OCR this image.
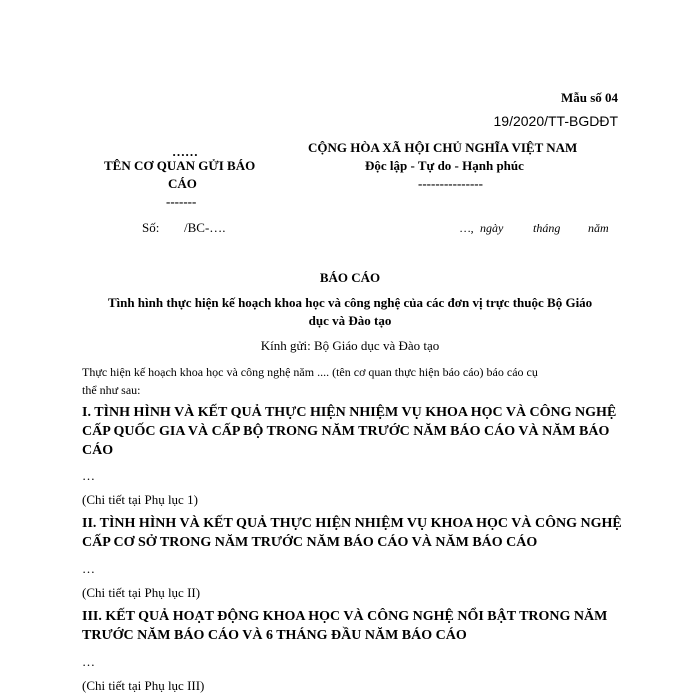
Mẫu số 04
19/2020/TT-BGDĐT
……
TÊN CƠ QUAN GỬI BÁO
CÁO
-------
Số: /BC-….
CỘNG HÒA XÃ HỘI CHỦ NGHĨA VIỆT NAM
Độc lập - Tự do - Hạnh phúc
---------------
…, ngày tháng năm
BÁO CÁO
Tình hình thực hiện kế hoạch khoa học và công nghệ của các đơn vị trực thuộc Bộ Giáo
dục và Đào tạo
Kính gửi: Bộ Giáo dục và Đào tạo
Thực hiện kế hoạch khoa học và công nghệ năm .... (tên cơ quan thực hiện báo cáo) báo cáo cụ
thể như sau:
I. TÌNH HÌNH VÀ KẾT QUẢ THỰC HIỆN NHIỆM VỤ KHOA HỌC VÀ CÔNG NGHỆ
CẤP QUỐC GIA VÀ CẤP BỘ TRONG NĂM TRƯỚC NĂM BÁO CÁO VÀ NĂM BÁO
CÁO
…
(Chi tiết tại Phụ lục 1)
II. TÌNH HÌNH VÀ KẾT QUẢ THỰC HIỆN NHIỆM VỤ KHOA HỌC VÀ CÔNG NGHỆ
CẤP CƠ SỞ TRONG NĂM TRƯỚC NĂM BÁO CÁO VÀ NĂM BÁO CÁO
…
(Chi tiết tại Phụ lục II)
III. KẾT QUẢ HOẠT ĐỘNG KHOA HỌC VÀ CÔNG NGHỆ NỔI BẬT TRONG NĂM
TRƯỚC NĂM BÁO CÁO VÀ 6 THÁNG ĐẦU NĂM BÁO CÁO
…
(Chi tiết tại Phụ lục III)
